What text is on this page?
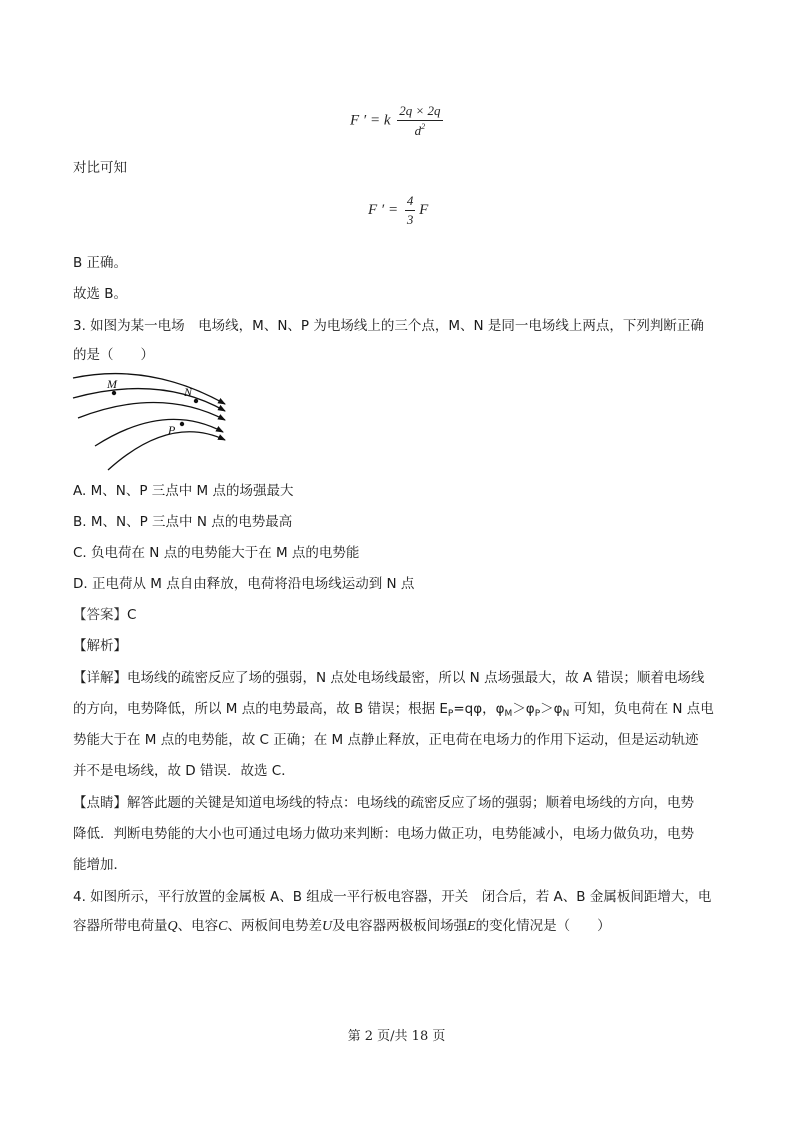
F ′ = k $\frac{2q \times 2q}{d^2}$
对比可知
F ′ = $\frac{4}{3}$ F
B 正确。
故选 B。
3. 如图为某一电场　电场线，M、N、P 为电场线上的三个点，M、N 是同一电场线上两点，下列判断正确
的是（　　）
M
N
P
A. M、N、P 三点中 M 点的场强最大
B. M、N、P 三点中 N 点的电势最高
C. 负电荷在 N 点的电势能大于在 M 点的电势能
D. 正电荷从 M 点自由释放，电荷将沿电场线运动到 N 点
【答案】C
【解析】
【详解】电场线的疏密反应了场的强弱，N 点处电场线最密，所以 N 点场强最大，故 A 错误；顺着电场线
的方向，电势降低，所以 M 点的电势最高，故 B 错误；根据 $E_P=q\varphi$，$\varphi_M>\varphi_P>\varphi_N$ 可知，负电荷在 N 点电
势能大于在 M 点的电势能，故 C 正确；在 M 点静止释放，正电荷在电场力的作用下运动，但是运动轨迹
并不是电场线，故 D 错误．故选 C．
【点睛】解答此题的关键是知道电场线的特点：电场线的疏密反应了场的强弱；顺着电场线的方向，电势
降低．判断电势能的大小也可通过电场力做功来判断：电场力做正功，电势能减小，电场力做负功，电势
能增加．
4. 如图所示，平行放置的金属板 A、B 组成一平行板电容器，开关　闭合后，若 A、B 金属板间距增大，电
容器所带电荷量Q、电容C、两板间电势差U及电容器两极板间场强E的变化情况是（　　）
第 2 页/共 18 页
